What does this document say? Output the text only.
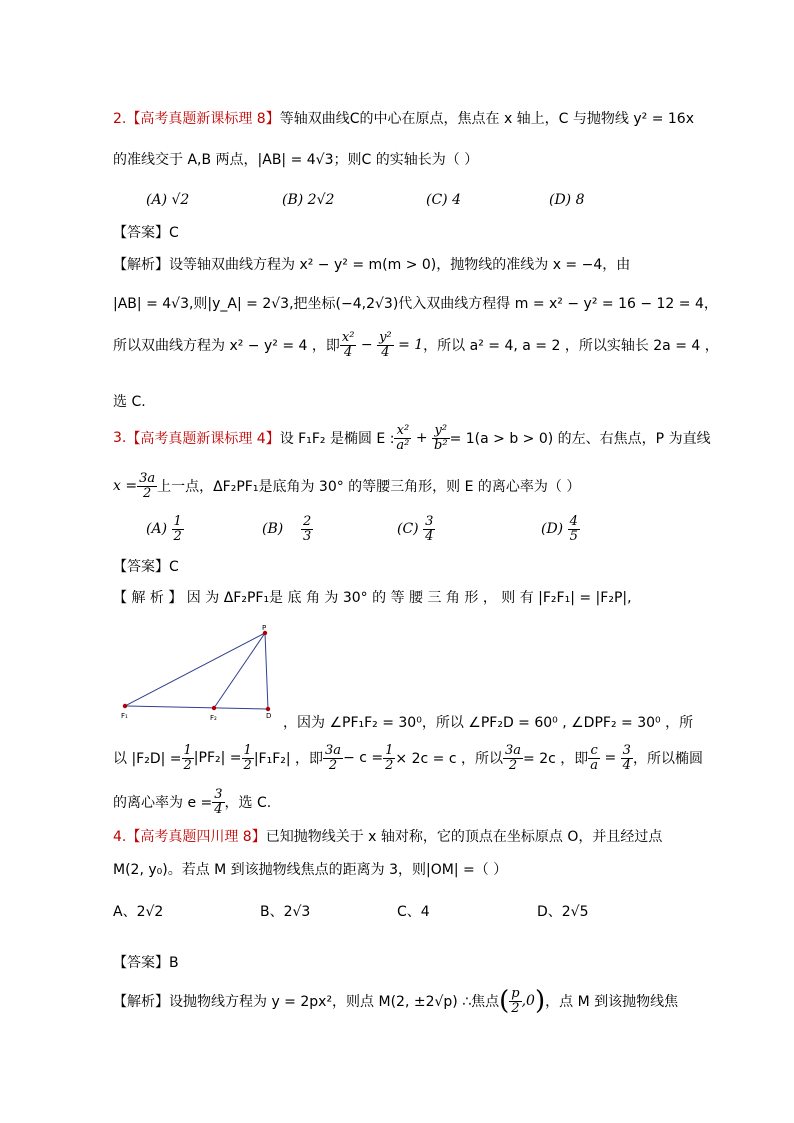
2.【高考真题新课标理 8】等轴双曲线C的中心在原点，焦点在 x 轴上，C 与抛物线 y² = 16x
的准线交于 A,B 两点，|AB| = 4√3；则C 的实轴长为（ ）
(A) √2	(B) 2√2	(C) 4	(D) 8
【答案】C
【解析】设等轴双曲线方程为 x² − y² = m(m > 0)，抛物线的准线为 x = −4，由
|AB| = 4√3,则|y_A| = 2√3,把坐标(−4,2√3)代入双曲线方程得 m = x² − y² = 16 − 12 = 4，
所以双曲线方程为 x² − y² = 4 ，即 $\frac{\text{x²}}{4} - \frac{\text{y²}}{4} = 1$ ，所以 a² = 4, a = 2 ，所以实轴长 2a = 4 ，
选 C.
3. 【高考真题新课标理 4】 设 F₁F₂ 是椭圆 E : $\frac{\text{x²}}{\text{a²}} + \frac{\text{y²}}{\text{b²}} = 1(a > b > 0)$ 的左、右焦点，P 为直线
$x = \frac{3a}{2}$ 上一点，ΔF₂PF₁是底角为 30° 的等腰三角形，则 E 的离心率为（ ）
(A)
$\frac{1}{2}$	(B)
$\frac{2}{3}$	(C)
$\frac{3}{4}$	(D)
$\frac{4}{5}$
【答案】C
【 解 析 】 因 为 ΔF₂PF₁是 底 角 为 30° 的 等 腰 三 角 形 ， 则 有 |F₂F₁| = |F₂P|,
P
F₁	F₂	D ，因为 ∠PF₁F₂ = 30⁰，所以 ∠PF₂D = 60⁰ , ∠DPF₂ = 30⁰ ，所
以 $|F_2D| = \frac{1}{2} |PF_2| = \frac{1}{2} |F_1F_2|$ ，即 $\frac{3a}{2} - c = \frac{1}{2} \times 2c = c$ ，所以 $\frac{3a}{2} = 2c$ ，即 $\frac{c}{a} = \frac{3}{4}$ ，所以椭圆
的离心率为 $e = \frac{3}{4}$ ，选 C.
4.【高考真题四川理 8】已知抛物线关于 x 轴对称，它的顶点在坐标原点 O，并且经过点
M(2, y₀)。若点 M 到该抛物线焦点的距离为 3，则|OM| =（ ）
A、2√2	B、2√3	C、4	D、2√5
【答案】B
【解析】设抛物线方程为 y = 2px²，则点 M(2, ±2√p) ∴焦点 ( $\frac{p}{2} ,0$ ) ，点 M 到该抛物线焦
